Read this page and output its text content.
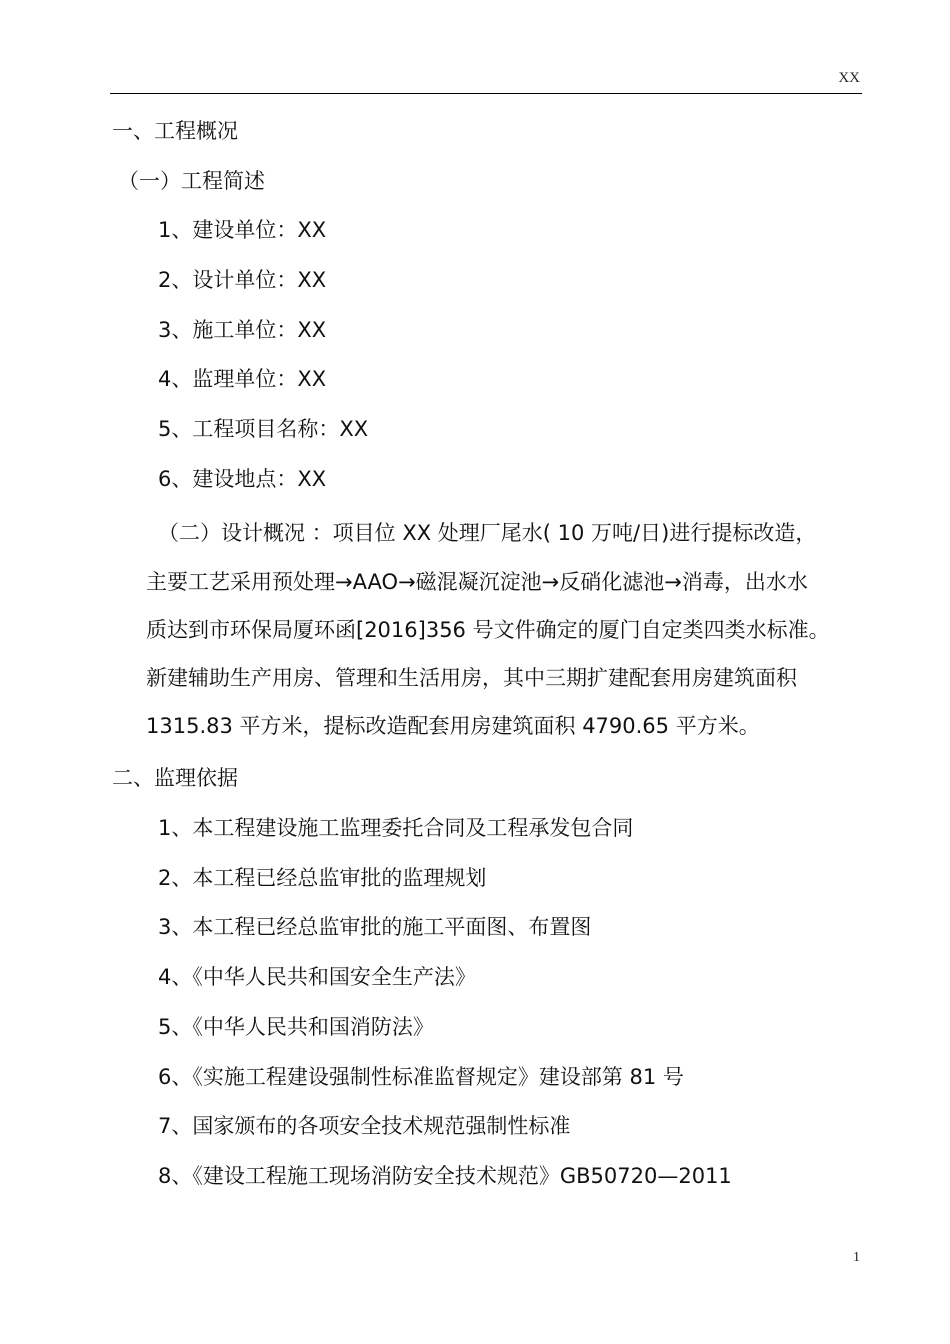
XX
一、工程概况
（一）工程简述
1、建设单位：XX
2、设计单位：XX
3、施工单位：XX
4、监理单位：XX
5、工程项目名称：XX
6、建设地点：XX
（二）设计概况 ：项目位 XX 处理厂尾水( 10 万吨/日)进行提标改造，
主要工艺采用预处理→AAO→磁混凝沉淀池→反硝化滤池→消毒，出水水
质达到市环保局厦环函[2016]356 号文件确定的厦门自定类四类水标准。
新建辅助生产用房、管理和生活用房，其中三期扩建配套用房建筑面积
1315.83 平方米，提标改造配套用房建筑面积 4790.65 平方米。
二、监理依据
1、本工程建设施工监理委托合同及工程承发包合同
2、本工程已经总监审批的监理规划
3、本工程已经总监审批的施工平面图、布置图
4、《中华人民共和国安全生产法》
5、《中华人民共和国消防法》
6、《实施工程建设强制性标准监督规定》建设部第 81 号
7、国家颁布的各项安全技术规范强制性标准
8、《建设工程施工现场消防安全技术规范》GB50720—2011
1
